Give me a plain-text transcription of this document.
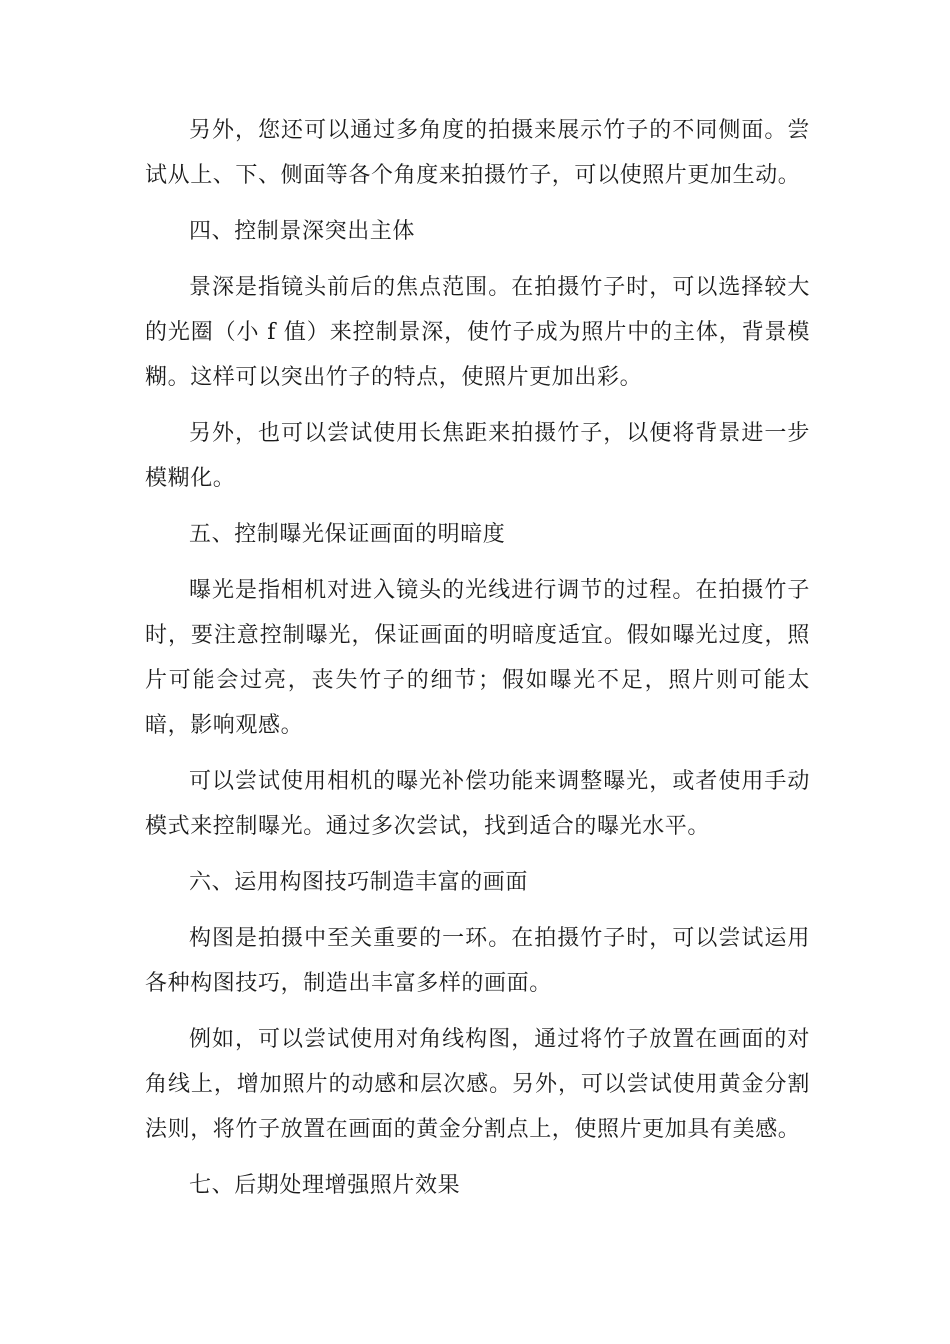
另外，您还可以通过多角度的拍摄来展示竹子的不同侧面。尝试从上、下、侧面等各个角度来拍摄竹子，可以使照片更加生动。

四、控制景深突出主体

景深是指镜头前后的焦点范围。在拍摄竹子时，可以选择较大的光圈（小 f 值）来控制景深，使竹子成为照片中的主体，背景模糊。这样可以突出竹子的特点，使照片更加出彩。

另外，也可以尝试使用长焦距来拍摄竹子，以便将背景进一步模糊化。

五、控制曝光保证画面的明暗度

曝光是指相机对进入镜头的光线进行调节的过程。在拍摄竹子时，要注意控制曝光，保证画面的明暗度适宜。假如曝光过度，照片可能会过亮，丧失竹子的细节；假如曝光不足，照片则可能太暗，影响观感。

可以尝试使用相机的曝光补偿功能来调整曝光，或者使用手动模式来控制曝光。通过多次尝试，找到适合的曝光水平。

六、运用构图技巧制造丰富的画面

构图是拍摄中至关重要的一环。在拍摄竹子时，可以尝试运用各种构图技巧，制造出丰富多样的画面。

例如，可以尝试使用对角线构图，通过将竹子放置在画面的对角线上，增加照片的动感和层次感。另外，可以尝试使用黄金分割法则，将竹子放置在画面的黄金分割点上，使照片更加具有美感。

七、后期处理增强照片效果
